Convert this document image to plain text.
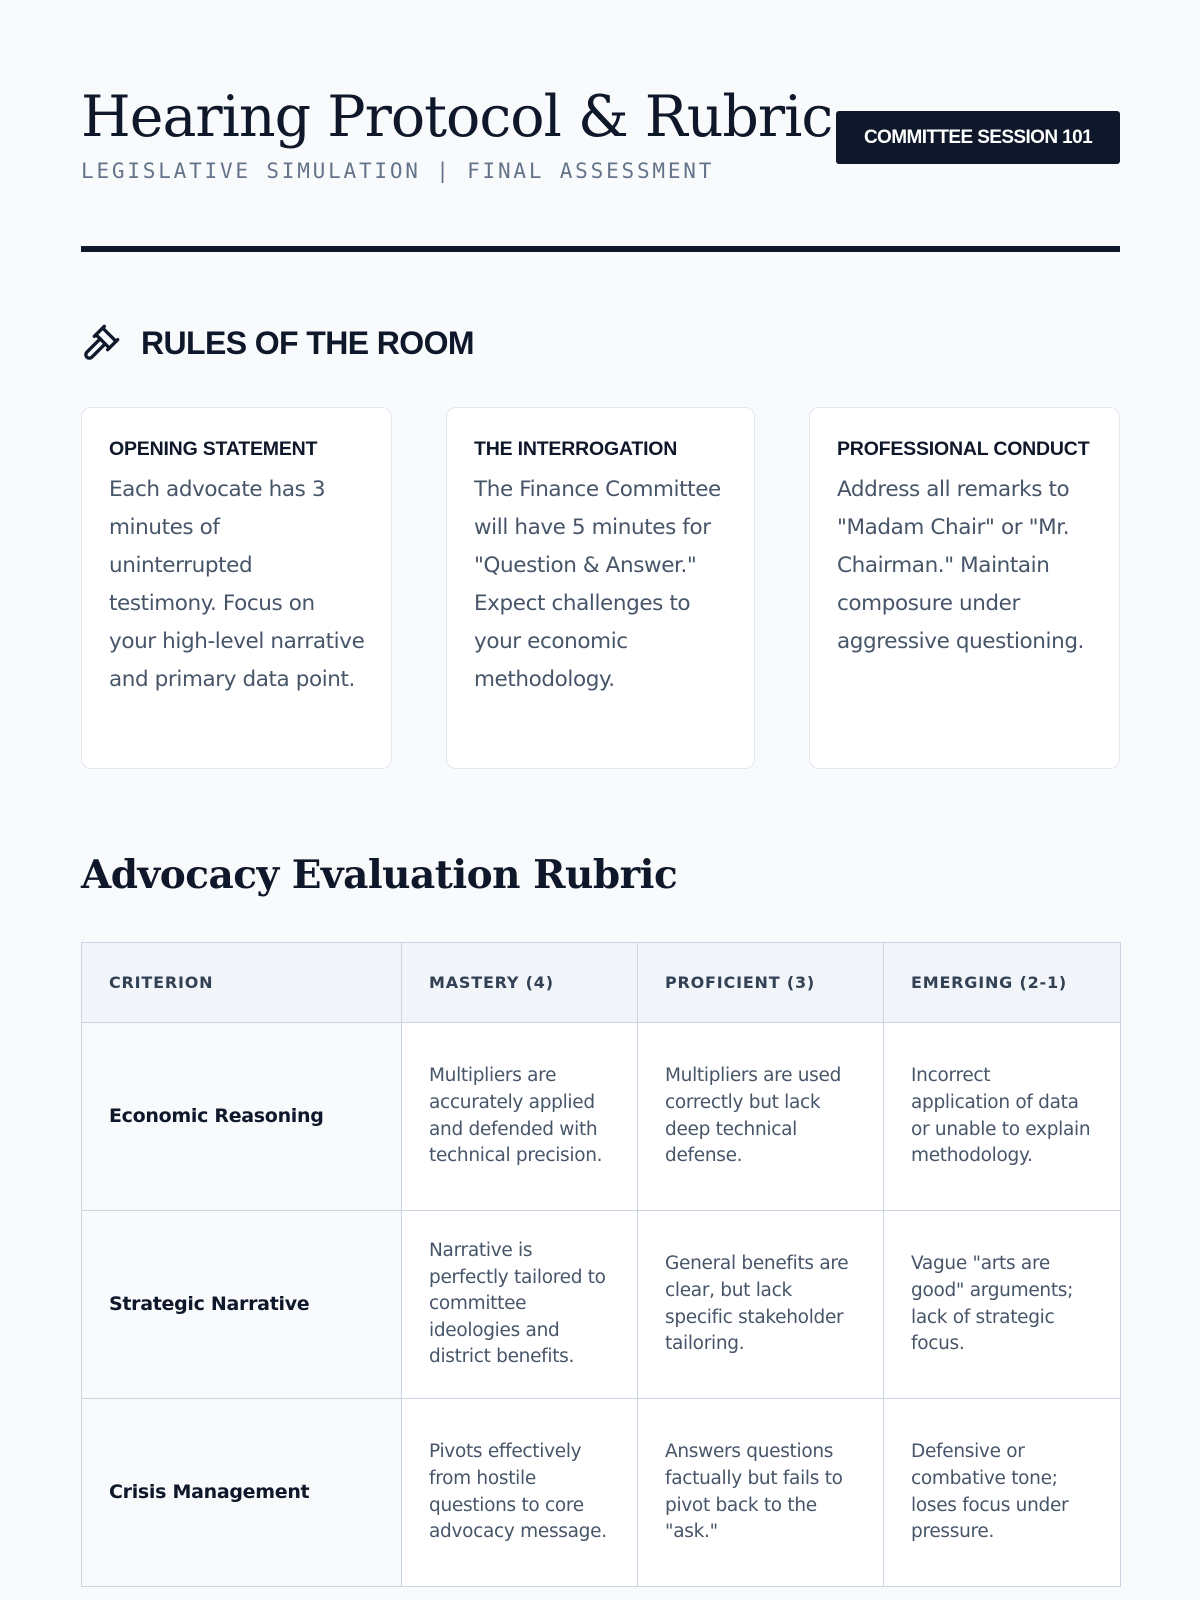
Hearing Protocol & Rubric
LEGISLATIVE SIMULATION | FINAL ASSESSMENT
COMMITTEE SESSION 101
RULES OF THE ROOM
OPENING STATEMENT
Each advocate has 3 minutes of uninterrupted testimony. Focus on your high-level narrative and primary data point.
THE INTERROGATION
The Finance Committee will have 5 minutes for "Question & Answer." Expect challenges to your economic methodology.
PROFESSIONAL CONDUCT
Address all remarks to "Madam Chair" or "Mr. Chairman." Maintain composure under aggressive questioning.
Advocacy Evaluation Rubric
CRITERION	MASTERY (4)	PROFICIENT (3)	EMERGING (2-1)
Economic Reasoning	Multipliers are accurately applied and defended with technical precision.	Multipliers are used correctly but lack deep technical defense.	Incorrect application of data or unable to explain methodology.
Strategic Narrative	Narrative is perfectly tailored to committee ideologies and district benefits.	General benefits are clear, but lack specific stakeholder tailoring.	Vague "arts are good" arguments; lack of strategic focus.
Crisis Management	Pivots effectively from hostile questions to core advocacy message.	Answers questions factually but fails to pivot back to the "ask."	Defensive or combative tone; loses focus under pressure.
